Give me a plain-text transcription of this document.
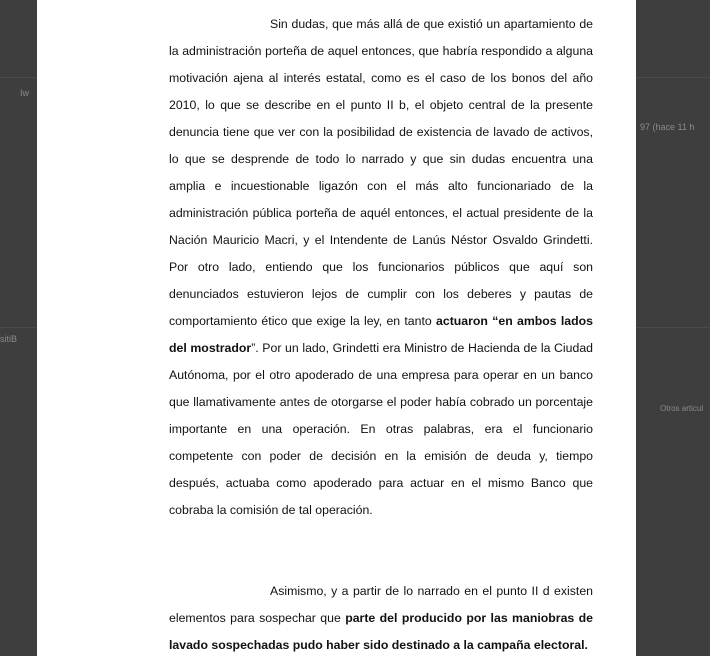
Iw
sitiB
97 (hace 11 h
Otros articul

Sin dudas, que más allá de que existió un apartamiento de la administración porteña de aquel entonces, que habría respondido a alguna motivación ajena al interés estatal, como es el caso de los bonos del año 2010, lo que se describe en el punto II b, el objeto central de la presente denuncia tiene que ver con la posibilidad de existencia de lavado de activos, lo que se desprende de todo lo narrado y que sin dudas encuentra una amplia e incuestionable ligazón con el más alto funcionariado de la administración pública porteña de aquél entonces, el actual presidente de la Nación Mauricio Macri, y el Intendente de Lanús Néstor Osvaldo Grindetti. Por otro lado, entiendo que los funcionarios públicos que aquí son denunciados estuvieron lejos de cumplir con los deberes y pautas de comportamiento ético que exige la ley, en tanto actuaron “en ambos lados del mostrador”. Por un lado, Grindetti era Ministro de Hacienda de la Ciudad Autónoma, por el otro apoderado de una empresa para operar en un banco que llamativamente antes de otorgarse el poder había cobrado un porcentaje importante en una operación. En otras palabras, era el funcionario competente con poder de decisión en la emisión de deuda y, tiempo después, actuaba como apoderado para actuar en el mismo Banco que cobraba la comisión de tal operación.

Asimismo, y a partir de lo narrado en el punto II d existen elementos para sospechar que parte del producido por las maniobras de lavado sospechadas pudo haber sido destinado a la campaña electoral.
